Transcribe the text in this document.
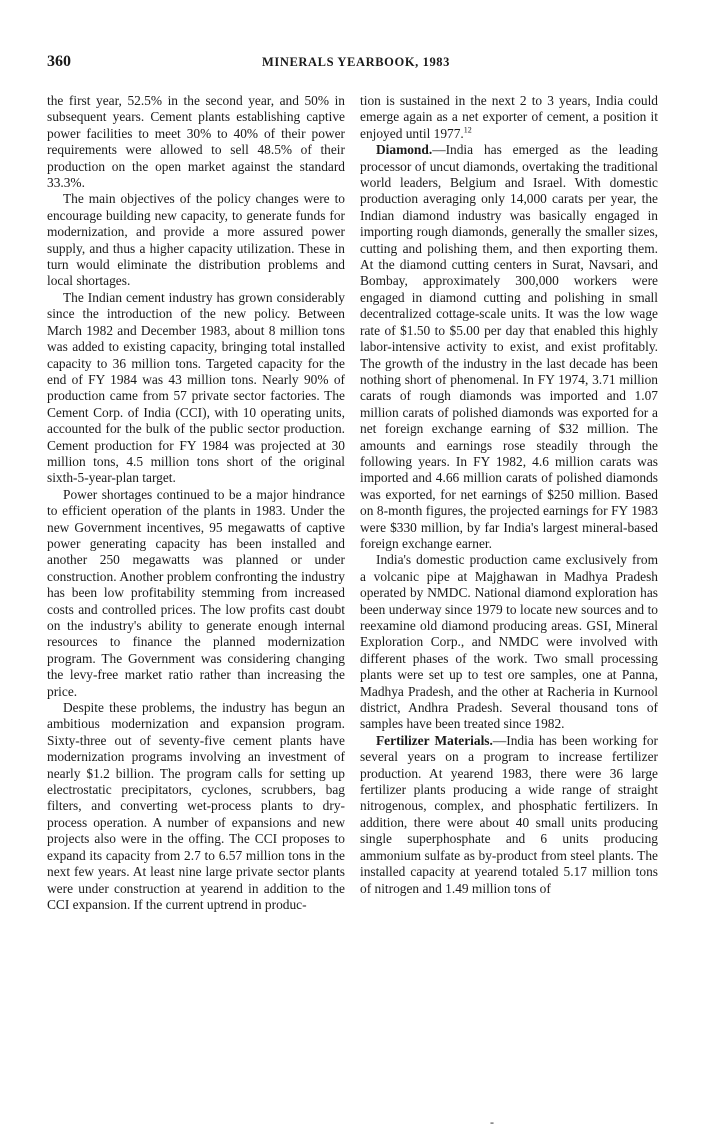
360	MINERALS YEARBOOK, 1983

the first year, 52.5% in the second year, and 50% in subsequent years. Cement plants establishing captive power facilities to meet 30% to 40% of their power requirements were allowed to sell 48.5% of their production on the open market against the standard 33.3%.

The main objectives of the policy changes were to encourage building new capacity, to generate funds for modernization, and provide a more assured power supply, and thus a higher capacity utilization. These in turn would eliminate the distribution problems and local shortages.

The Indian cement industry has grown considerably since the introduction of the new policy. Between March 1982 and December 1983, about 8 million tons was added to existing capacity, bringing total installed capacity to 36 million tons. Targeted capacity for the end of FY 1984 was 43 million tons. Nearly 90% of production came from 57 private sector factories. The Cement Corp. of India (CCI), with 10 operating units, accounted for the bulk of the public sector production. Cement production for FY 1984 was projected at 30 million tons, 4.5 million tons short of the original sixth-5-year-plan target.

Power shortages continued to be a major hindrance to efficient operation of the plants in 1983. Under the new Government incentives, 95 megawatts of captive power generating capacity has been installed and another 250 megawatts was planned or under construction. Another problem confronting the industry has been low profitability stemming from increased costs and controlled prices. The low profits cast doubt on the industry's ability to generate enough internal resources to finance the planned modernization program. The Government was considering changing the levy-free market ratio rather than increasing the price.

Despite these problems, the industry has begun an ambitious modernization and expansion program. Sixty-three out of seventy-five cement plants have modernization programs involving an investment of nearly $1.2 billion. The program calls for setting up electrostatic precipitators, cyclones, scrubbers, bag filters, and converting wet-process plants to dry-process operation. A number of expansions and new projects also were in the offing. The CCI proposes to expand its capacity from 2.7 to 6.57 million tons in the next few years. At least nine large private sector plants were under construction at yearend in addition to the CCI expansion. If the current uptrend in produc-

tion is sustained in the next 2 to 3 years, India could emerge again as a net exporter of cement, a position it enjoyed until 1977.12

Diamond.—India has emerged as the leading processor of uncut diamonds, overtaking the traditional world leaders, Belgium and Israel. With domestic production averaging only 14,000 carats per year, the Indian diamond industry was basically engaged in importing rough diamonds, generally the smaller sizes, cutting and polishing them, and then exporting them. At the diamond cutting centers in Surat, Navsari, and Bombay, approximately 300,000 workers were engaged in diamond cutting and polishing in small decentralized cottage-scale units. It was the low wage rate of $1.50 to $5.00 per day that enabled this highly labor-intensive activity to exist, and exist profitably. The growth of the industry in the last decade has been nothing short of phenomenal. In FY 1974, 3.71 million carats of rough diamonds was imported and 1.07 million carats of polished diamonds was exported for a net foreign exchange earning of $32 million. The amounts and earnings rose steadily through the following years. In FY 1982, 4.6 million carats was imported and 4.66 million carats of polished diamonds was exported, for net earnings of $250 million. Based on 8-month figures, the projected earnings for FY 1983 were $330 million, by far India's largest mineral-based foreign exchange earner.

India's domestic production came exclusively from a volcanic pipe at Majghawan in Madhya Pradesh operated by NMDC. National diamond exploration has been underway since 1979 to locate new sources and to reexamine old diamond producing areas. GSI, Mineral Exploration Corp., and NMDC were involved with different phases of the work. Two small processing plants were set up to test ore samples, one at Panna, Madhya Pradesh, and the other at Racheria in Kurnool district, Andhra Pradesh. Several thousand tons of samples have been treated since 1982.

Fertilizer Materials.—India has been working for several years on a program to increase fertilizer production. At yearend 1983, there were 36 large fertilizer plants producing a wide range of straight nitrogenous, complex, and phosphatic fertilizers. In addition, there were about 40 small units producing single superphosphate and 6 units producing ammonium sulfate as by-product from steel plants. The installed capacity at yearend totaled 5.17 million tons of nitrogen and 1.49 million tons of

-
